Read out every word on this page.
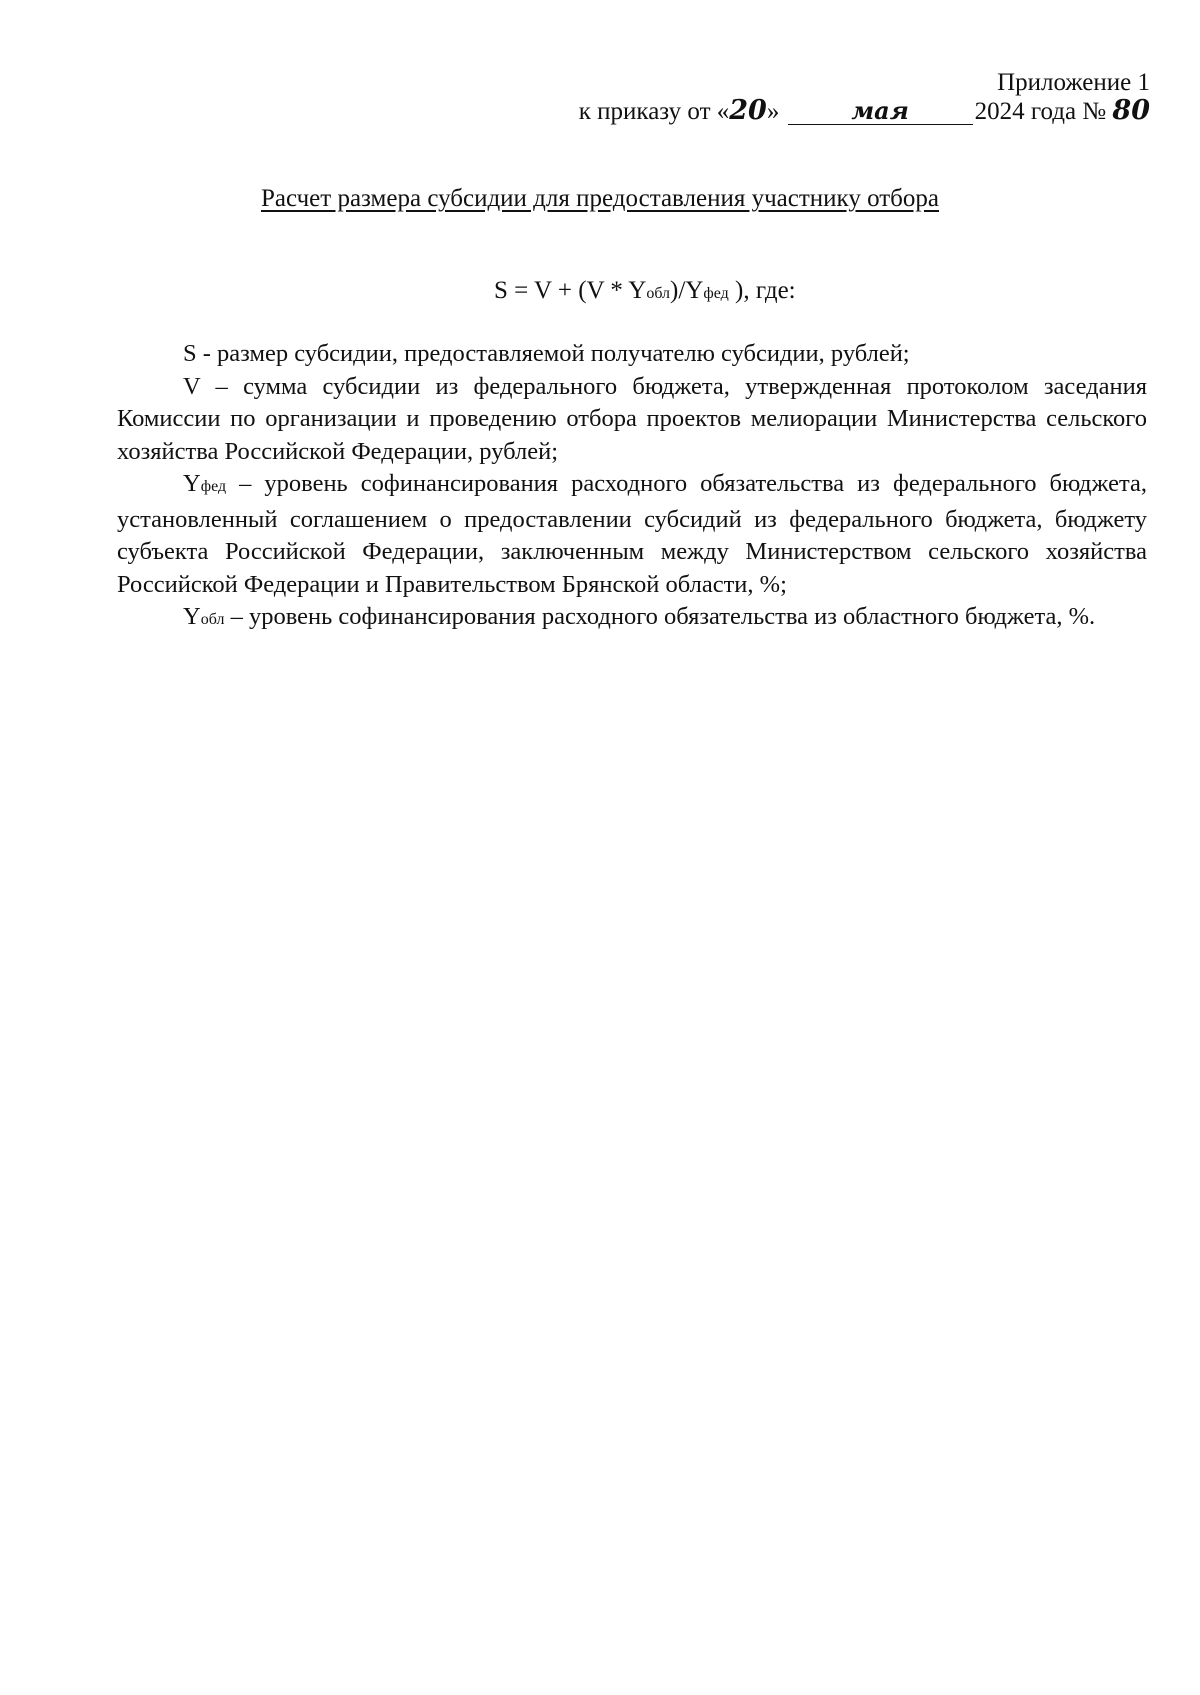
Приложение 1
к приказу от «20»	мая	2024 года № 80
Расчет размера субсидии для предоставления участнику отбора
S = V + (V * Yобл)/Yфед ), где:

S - размер субсидии, предоставляемой получателю субсидии, рублей;

V – сумма субсидии из федерального бюджета, утвержденная протоколом заседания Комиссии по организации и проведению отбора проектов мелиорации Министерства сельского хозяйства Российской Федерации, рублей;

Yфед – уровень софинансирования расходного обязательства из федерального бюджета, установленный соглашением о предоставлении субсидий из федерального бюджета, бюджету субъекта Российской Федерации, заключенным между Министерством сельского хозяйства Российской Федерации и Правительством Брянской области, %;

Yобл – уровень софинансирования расходного обязательства из областного бюджета, %.
